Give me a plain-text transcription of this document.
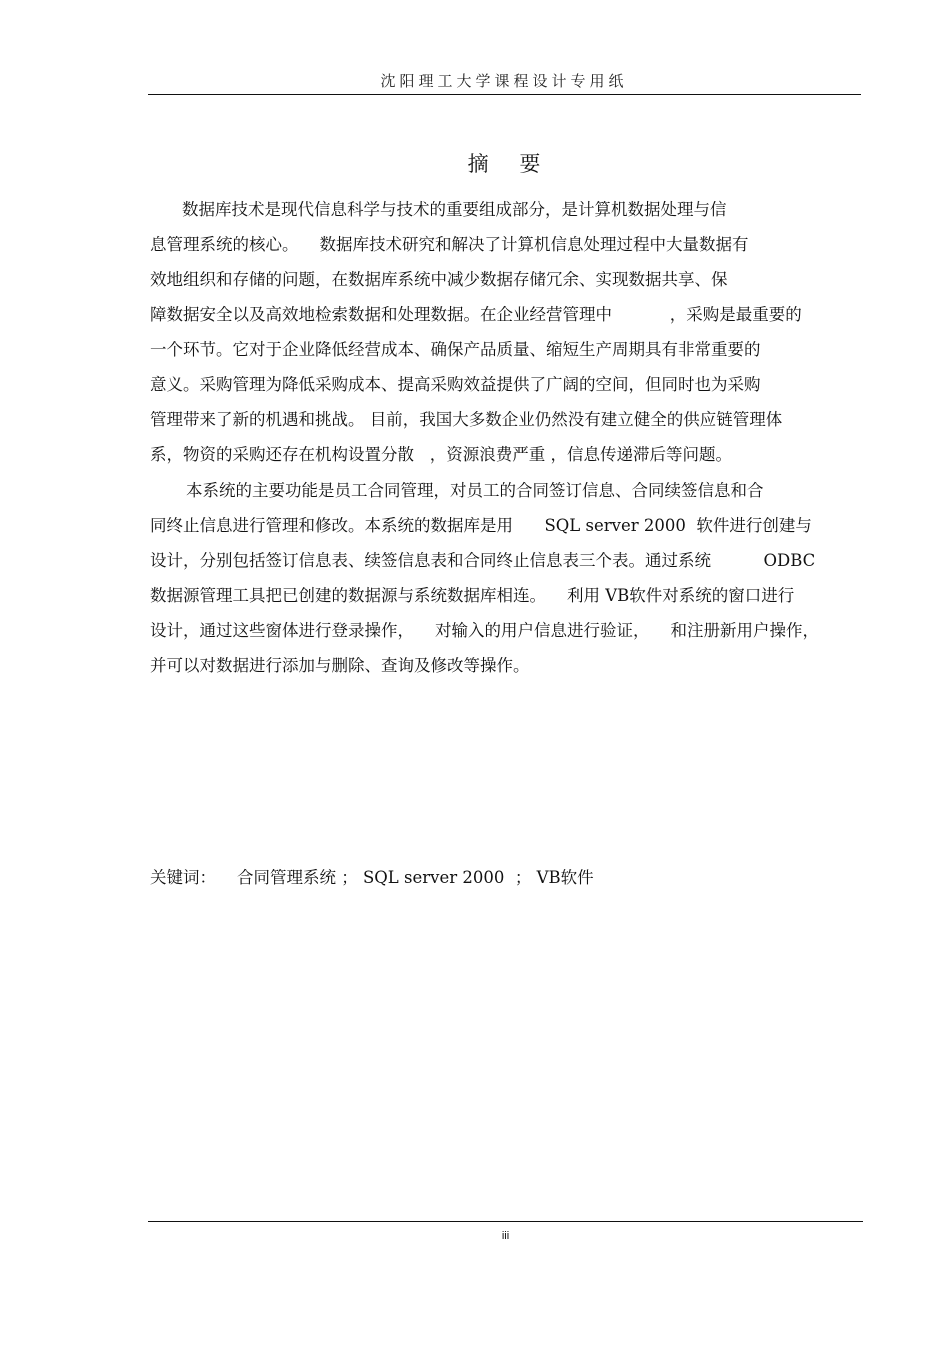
沈阳理工大学课程设计专用纸
摘 要
数据库技术是现代信息科学与技术的重要组成部分，是计算机数据处理与信
息管理系统的核心。    数据库技术研究和解决了计算机信息处理过程中大量数据有
效地组织和存储的问题，在数据库系统中减少数据存储冗余、实现数据共享、保
障数据安全以及高效地检索数据和处理数据。在企业经营管理中           ，采购是最重要的
一个环节。它对于企业降低经营成本、确保产品质量、缩短生产周期具有非常重要的
意义。采购管理为降低采购成本、提高采购效益提供了广阔的空间，但同时也为采购
管理带来了新的机遇和挑战。 目前，我国大多数企业仍然没有建立健全的供应链管理体
系，物资的采购还存在机构设置分散   ，资源浪费严重 ，信息传递滞后等问题。
本系统的主要功能是员工合同管理，对员工的合同签订信息、合同续签信息和合
同终止信息进行管理和修改。本系统的数据库是用      SQL server 2000  软件进行创建与
设计，分别包括签订信息表、续签信息表和合同终止信息表三个表。通过系统          ODBC
数据源管理工具把已创建的数据源与系统数据库相连。    利用 VB软件对系统的窗口进行
设计，通过这些窗体进行登录操作，    对输入的用户信息进行验证，    和注册新用户操作，
并可以对数据进行添加与删除、查询及修改等操作。
关键词：    合同管理系统 ； SQL server 2000  ； VB软件
iii
